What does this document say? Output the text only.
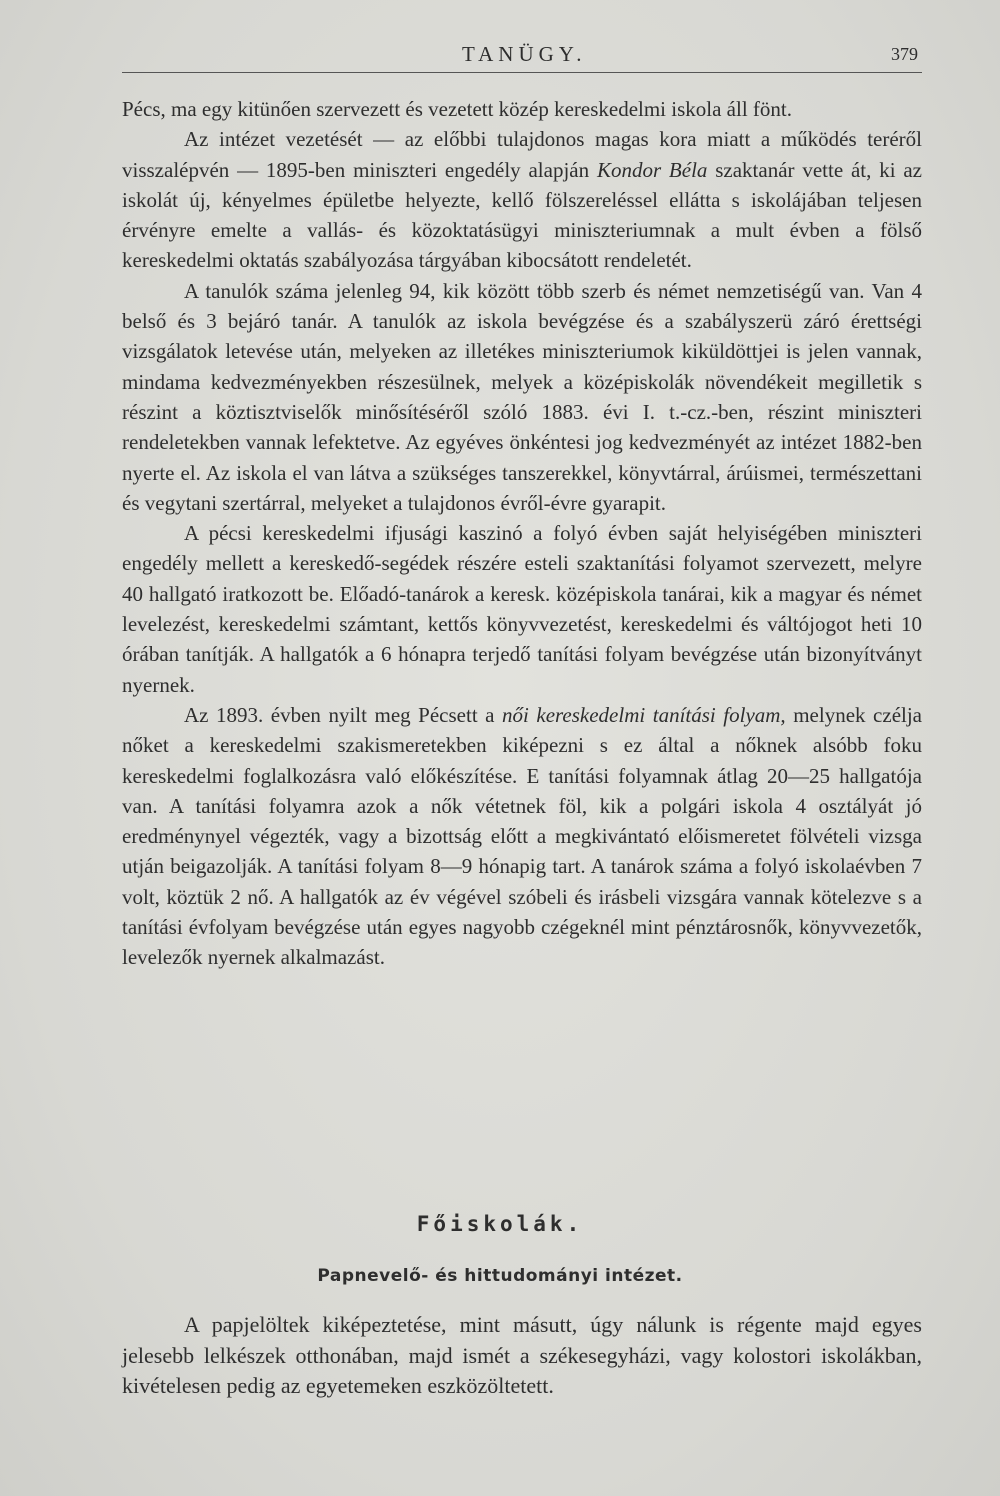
TANÜGY.	379

Pécs, ma egy kitünően szervezett és vezetett közép kereskedelmi iskola áll fönt.

Az intézet vezetését — az előbbi tulajdonos magas kora miatt a működés teréről visszalépvén — 1895-ben miniszteri engedély alapján Kondor Béla szaktanár vette át, ki az iskolát új, kényelmes épületbe helyezte, kellő fölszereléssel ellátta s iskolájában teljesen érvényre emelte a vallás- és közoktatásügyi miniszteriumnak a mult évben a fölső kereskedelmi oktatás szabályozása tárgyában kibocsátott rendeletét.

A tanulók száma jelenleg 94, kik között több szerb és német nemzetiségű van. Van 4 belső és 3 bejáró tanár. A tanulók az iskola bevégzése és a szabályszerü záró érettségi vizsgálatok letevése után, melyeken az illetékes miniszteriumok kiküldöttjei is jelen vannak, mindama kedvezményekben részesülnek, melyek a középiskolák növendékeit megilletik s részint a köztisztviselők minősítéséről szóló 1883. évi I. t.-cz.-ben, részint miniszteri rendeletekben vannak lefektetve. Az egyéves önkéntesi jog kedvezményét az intézet 1882-ben nyerte el. Az iskola el van látva a szükséges tanszerekkel, könyvtárral, árúismei, természettani és vegytani szertárral, melyeket a tulajdonos évről-évre gyarapit.

A pécsi kereskedelmi ifjusági kaszinó a folyó évben saját helyiségében miniszteri engedély mellett a kereskedő-segédek részére esteli szaktanítási folyamot szervezett, melyre 40 hallgató iratkozott be. Előadó-tanárok a keresk. középiskola tanárai, kik a magyar és német levelezést, kereskedelmi számtant, kettős könyvvezetést, kereskedelmi és váltójogot heti 10 órában tanítják. A hallgatók a 6 hónapra terjedő tanítási folyam bevégzése után bizonyítványt nyernek.

Az 1893. évben nyilt meg Pécsett a női kereskedelmi tanítási folyam, melynek czélja nőket a kereskedelmi szakismeretekben kiképezni s ez által a nőknek alsóbb foku kereskedelmi foglalkozásra való előkészítése. E tanítási folyamnak átlag 20—25 hallgatója van. A tanítási folyamra azok a nők vétetnek föl, kik a polgári iskola 4 osztályát jó eredménynyel végezték, vagy a bizottság előtt a megkivántató előismeretet fölvételi vizsga utján beigazolják. A tanítási folyam 8—9 hónapig tart. A tanárok száma a folyó iskolaévben 7 volt, köztük 2 nő. A hallgatók az év végével szóbeli és irásbeli vizsgára vannak kötelezve s a tanítási évfolyam bevégzése után egyes nagyobb czégeknél mint pénztárosnők, könyvvezetők, levelezők nyernek alkalmazást.

Főiskolák.
Papnevelő- és hittudományi intézet.

A papjelöltek kiképeztetése, mint másutt, úgy nálunk is régente majd egyes jelesebb lelkészek otthonában, majd ismét a székesegyházi, vagy kolostori iskolákban, kivételesen pedig az egyetemeken eszközöltetett.
